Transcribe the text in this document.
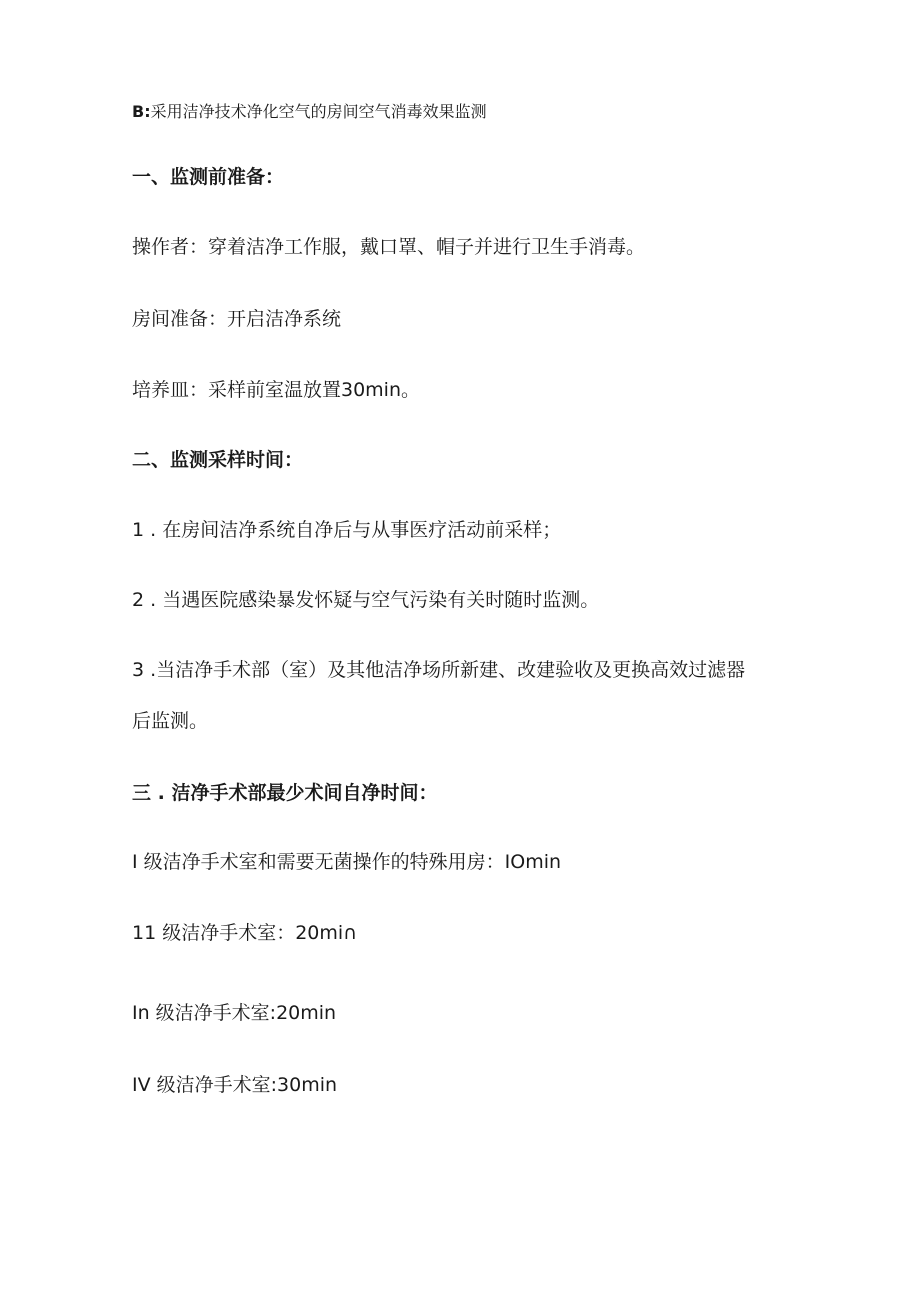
B:采用洁净技术净化空气的房间空气消毒效果监测
一、监测前准备：
操作者：穿着洁净工作服，戴口罩、帽子并进行卫生手消毒。
房间准备：开启洁净系统
培养皿：采样前室温放置30min。
二、监测采样时间：
1 . 在房间洁净系统自净后与从事医疗活动前采样；
2 . 当遇医院感染暴发怀疑与空气污染有关时随时监测。
3 .当洁净手术部（室）及其他洁净场所新建、改建验收及更换高效过滤器
后监测。
三 . 洁净手术部最少术间自净时间：
I 级洁净手术室和需要无菌操作的特殊用房：IOmin
11 级洁净手术室：20mi∩
In 级洁净手术室:20min
IV 级洁净手术室:30min
